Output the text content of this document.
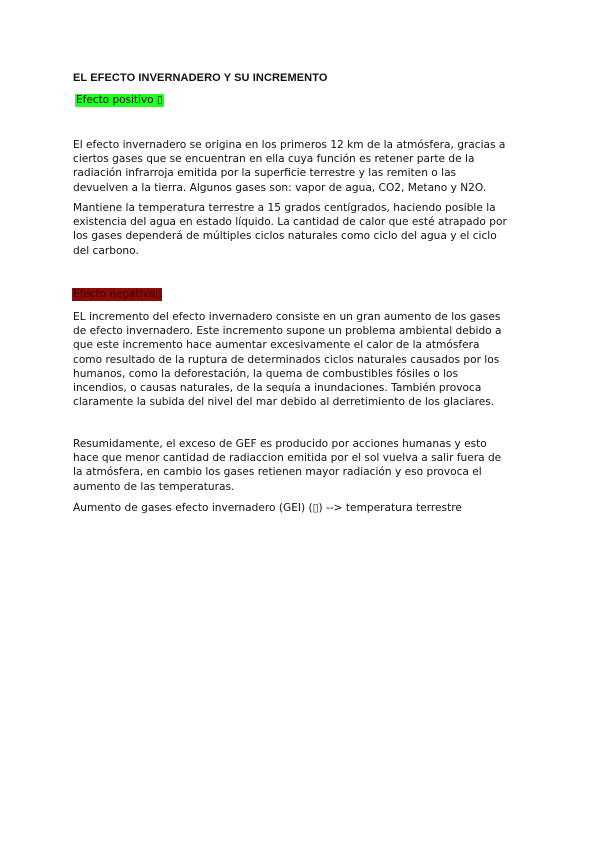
EL EFECTO INVERNADERO Y SU INCREMENTO
Efecto positivo ▯

El efecto invernadero se origina en los primeros 12 km de la atmósfera, gracias a
ciertos gases que se encuentran en ella cuya función es retener parte de la
radiación infrarroja emitida por la superficie terrestre y las remiten o las
devuelven a la tierra. Algunos gases son: vapor de agua, CO2, Metano y N2O.

Mantiene la temperatura terrestre a 15 grados centígrados, haciendo posible la
existencia del agua en estado líquido. La cantidad de calor que esté atrapado por
los gases dependerá de múltiples ciclos naturales como ciclo del agua y el ciclo
del carbono.

Efecto negativo▯

EL incremento del efecto invernadero consiste en un gran aumento de los gases
de efecto invernadero. Este incremento supone un problema ambiental debido a
que este incremento hace aumentar excesivamente el calor de la atmósfera
como resultado de la ruptura de determinados ciclos naturales causados por los
humanos, como la deforestación, la quema de combustibles fósiles o los
incendios, o causas naturales, de la sequía a inundaciones. También provoca
claramente la subida del nivel del mar debido al derretimiento de los glaciares.

Resumidamente, el exceso de GEF es producido por acciones humanas y esto
hace que menor cantidad de radiaccion emitida por el sol vuelva a salir fuera de
la atmósfera, en cambio los gases retienen mayor radiación y eso provoca el
aumento de las temperaturas.

Aumento de gases efecto invernadero (GEI) (▯) --> temperatura terrestre
